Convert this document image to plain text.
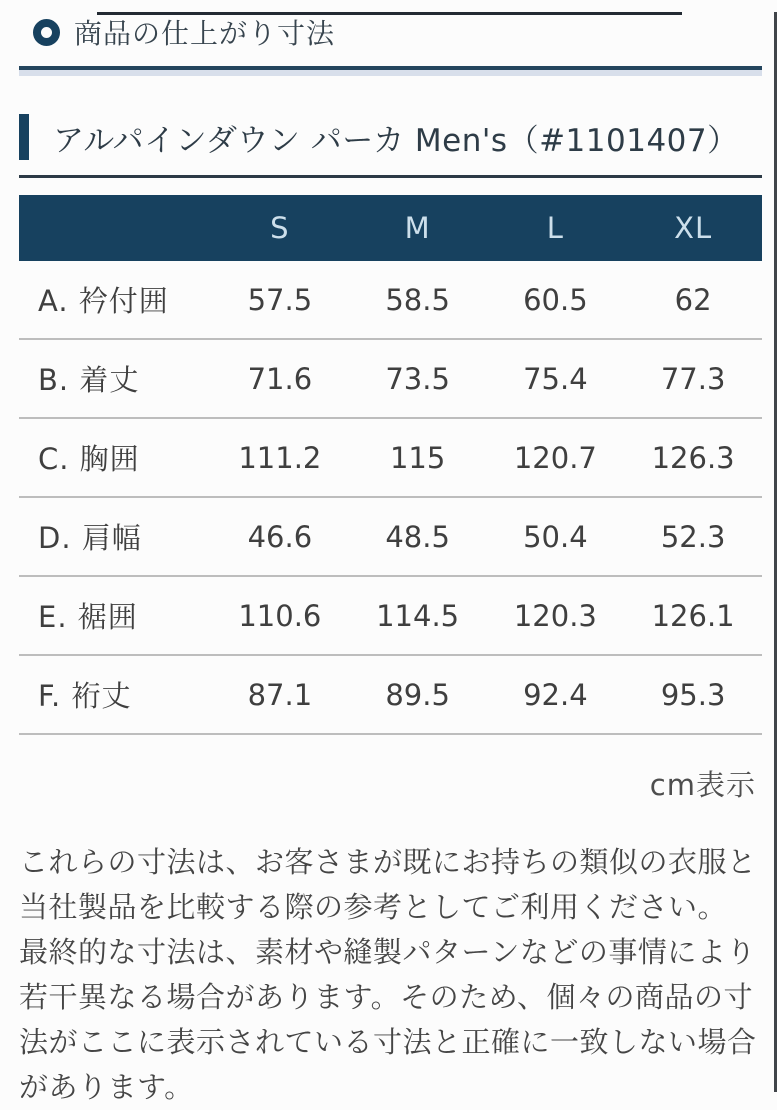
商品の仕上がり寸法
アルパインダウン パーカ Men's（#1101407）
	S	M	L	XL
A. 衿付囲	57.5	58.5	60.5	62
B. 着丈	71.6	73.5	75.4	77.3
C. 胸囲	111.2	115	120.7	126.3
D. 肩幅	46.6	48.5	50.4	52.3
E. 裾囲	110.6	114.5	120.3	126.1
F. 裄丈	87.1	89.5	92.4	95.3
cm表示

これらの寸法は、お客さまが既にお持ちの類似の衣服と当社製品を比較する際の参考としてご利用ください。

最終的な寸法は、素材や縫製パターンなどの事情により若干異なる場合があります。そのため、個々の商品の寸法がここに表示されている寸法と正確に一致しない場合があります。
